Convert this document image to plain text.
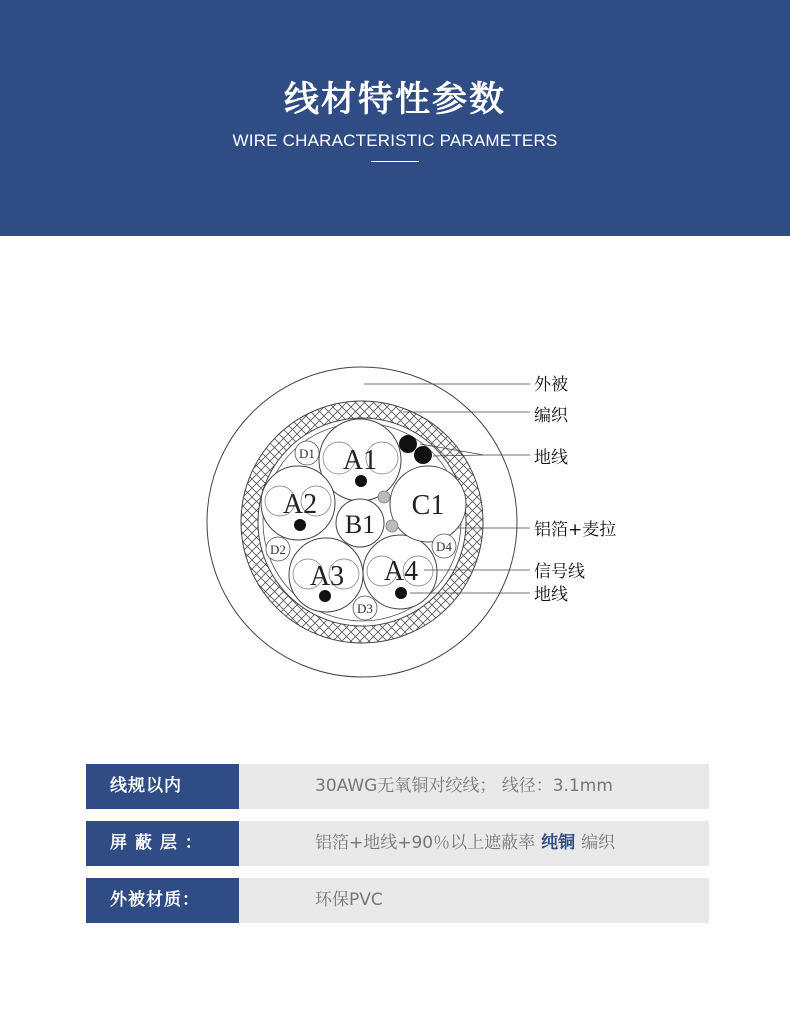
线材特性参数
WIRE CHARACTERISTIC PARAMETERS
A1
A2
A3 A4
C1
B1
D1
D2
D3
D4
外被
编织
地线
铝箔+麦拉
信号线
地线
线规以内	30AWG无氧铜对绞线； 线径：3.1mm
屏 蔽 层 ：	铝箔+地线+90％以上遮蔽率 纯铜 编织
外被材质：	环保PVC
